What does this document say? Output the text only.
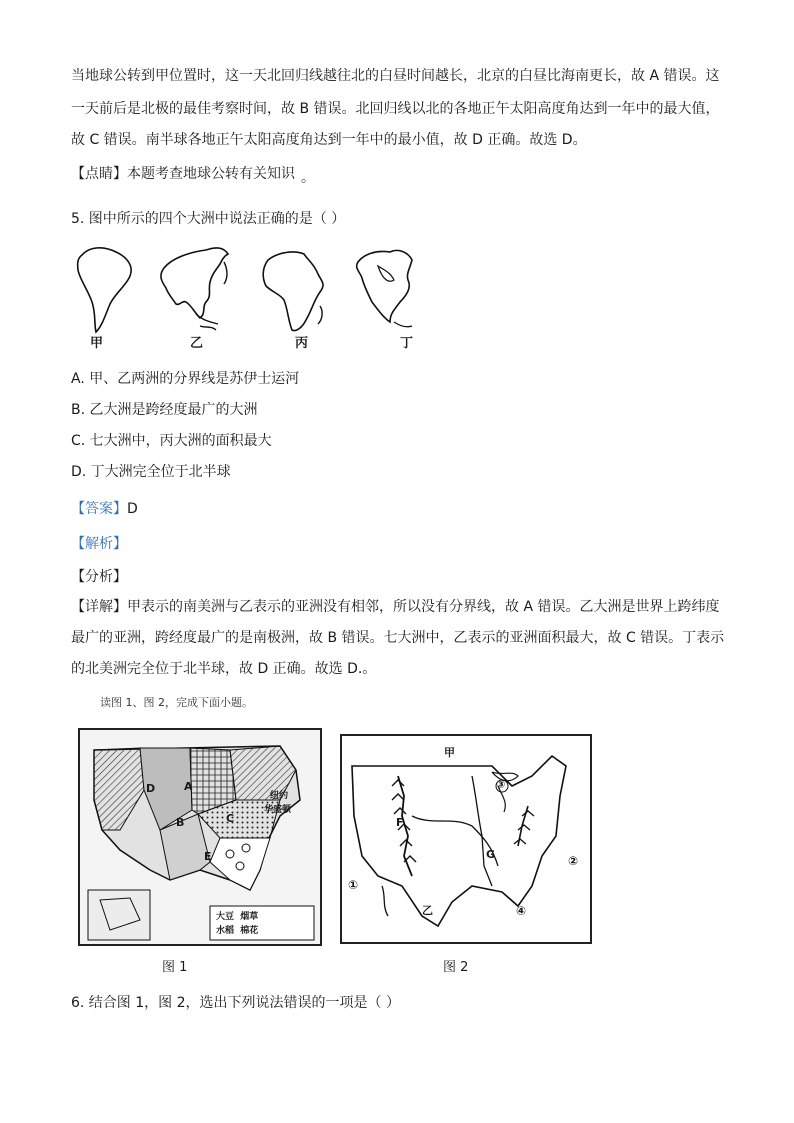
当地球公转到甲位置时，这一天北回归线越往北的白昼时间越长，北京的白昼比海南更长，故 A 错误。这
一天前后是北极的最佳考察时间，故 B 错误。北回归线以北的各地正午太阳高度角达到一年中的最大值，
故 C 错误。南半球各地正午太阳高度角达到一年中的最小值，故 D 正确。故选 D。
【点睛】本题考查地球公转有关知识 。
5. 图中所示的四个大洲中说法正确的是（ ）
甲	乙	丙	丁
A. 甲、乙两洲的分界线是苏伊士运河
B. 乙大洲是跨经度最广的大洲
C. 七大洲中，丙大洲的面积最大
D. 丁大洲完全位于北半球
【答案】D
【解析】
【分析】
【详解】甲表示的南美洲与乙表示的亚洲没有相邻，所以没有分界线，故 A 错误。乙大洲是世界上跨纬度
最广的亚洲，跨经度最广的是南极洲，故 B 错误。七大洲中，乙表示的亚洲面积最大，故 C 错误。丁表示
的北美洲完全位于北半球，故 D 正确。故选 D.。
读图 1、图 2，完成下面小题。
D	A
B	C
E
纽约
华盛顿
大豆 烟草
水稻 棉花
甲
F
G
乙
①
②
③
④
图 1	图 2
6. 结合图 1，图 2，选出下列说法错误的一项是（ ）
